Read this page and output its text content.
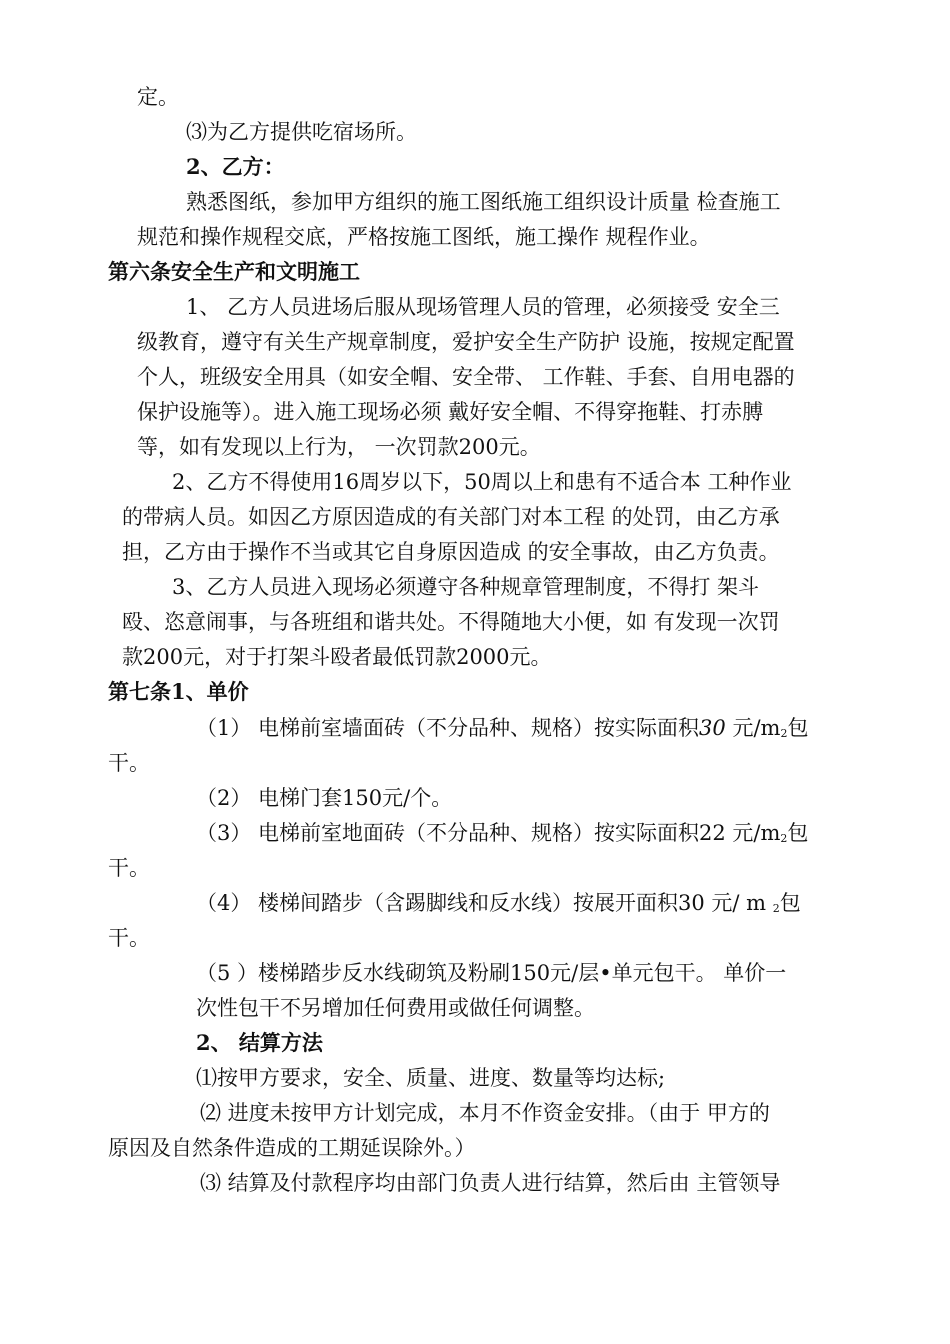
定。
⑶为乙方提供吃宿场所。
2、乙方：
熟悉图纸，参加甲方组织的施工图纸施工组织设计质量 检查施工
规范和操作规程交底，严格按施工图纸，施工操作 规程作业。
第六条安全生产和文明施工
1、 乙方人员进场后服从现场管理人员的管理，必须接受 安全三
级教育，遵守有关生产规章制度，爱护安全生产防护 设施，按规定配置
个人，班级安全用具（如安全帽、安全带、 工作鞋、手套、自用电器的
保护设施等）。进入施工现场必须 戴好安全帽、不得穿拖鞋、打赤膊
等，如有发现以上行为， 一次罚款200元。
2、乙方不得使用16周岁以下，50周以上和患有不适合本 工种作业
的带病人员。如因乙方原因造成的有关部门对本工程 的处罚，由乙方承
担，乙方由于操作不当或其它自身原因造成 的安全事故，由乙方负责。
3、乙方人员进入现场必须遵守各种规章管理制度，不得打 架斗
殴、恣意闹事，与各班组和谐共处。不得随地大小便，如 有发现一次罚
款200元，对于打架斗殴者最低罚款2000元。
第七条1、单价
（1） 电梯前室墙面砖（不分品种、规格）按实际面积30 元$/m_2$包
干。
（2） 电梯门套150元/个。
（3） 电梯前室地面砖（不分品种、规格）按实际面积22 元$/m_2$包
干。
（4） 楼梯间踏步（含踢脚线和反水线）按展开面积30 元/ m $_2$包
干。
（5 ）楼梯踏步反水线砌筑及粉刷150元/层•单元包干。 单价一
次性包干不另增加任何费用或做任何调整。
2、 结算方法
⑴按甲方要求，安全、质量、进度、数量等均达标;
⑵ 进度未按甲方计划完成，本月不作资金安排。（由于 甲方的
原因及自然条件造成的工期延误除外。）
⑶ 结算及付款程序均由部门负责人进行结算，然后由 主管领导
